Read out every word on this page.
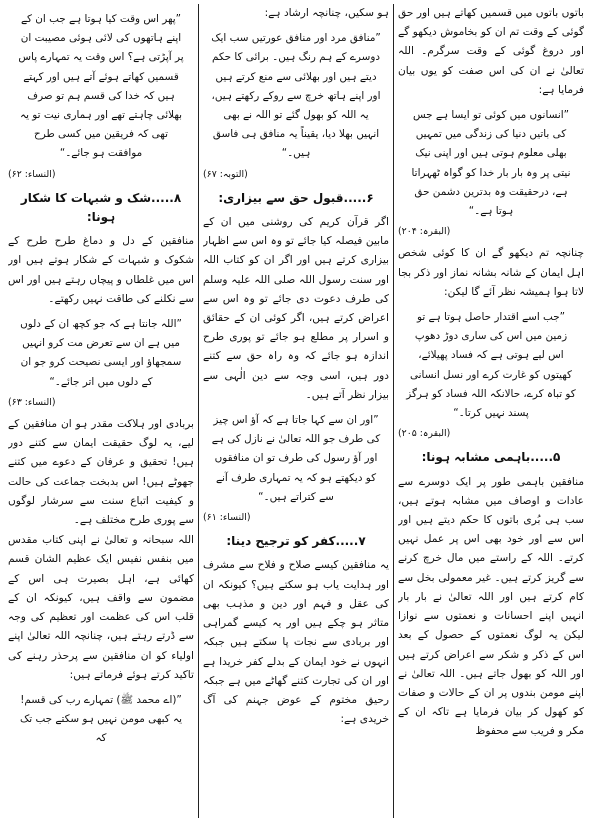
باتوں باتوں میں قسمیں کھاتے ہیں اور حق گوئی کے وقت تم ان کو بخاموش دیکھو گے اور دروغ گوئی کے وقت سرگرم۔ اللہ تعالیٰ نے ان کی اس صفت کو یوں بیان فرمایا ہے:
”انسانوں میں کوئی تو ایسا ہے جس کی باتیں دنیا کی زندگی میں تمہیں بھلی معلوم ہوتی ہیں اور اپنی نیک نیتی پر وہ بار بار خدا کو گواہ ٹھہراتا ہے، درحقیقت وہ بدترین دشمن حق ہوتا ہے۔“
(البقرہ: ۲۰۴)
چنانچہ تم دیکھو گے ان کا کوئی شخص اہل ایمان کے شانہ بشانہ نماز اور ذکر بجا لاتا ہوا ہمیشہ نظر آئے گا لیکن:
”جب اسے اقتدار حاصل ہوتا ہے تو زمین میں اس کی ساری دوڑ دھوپ اس لیے ہوتی ہے کہ فساد پھیلائے، کھیتوں کو غارت کرے اور نسل انسانی کو تباہ کرے، حالانکہ اللہ فساد کو ہرگز پسند نہیں کرتا۔“
(البقرہ: ۲۰۵)
۵.....باہمی مشابہ ہونا:
منافقین باہمی طور پر ایک دوسرے سے عادات و اوصاف میں مشابہ ہوتے ہیں، سب ہی بُری باتوں کا حکم دیتے ہیں اور اس سے اور خود بھی اس پر عمل نہیں کرتے۔ اللہ کے راستے میں مال خرچ کرنے سے گریز کرتے ہیں۔ غیر معمولی بخل سے کام کرتے ہیں اور اللہ تعالیٰ نے بار بار انہیں اپنے احسانات و نعمتوں سے نوازا لیکن یہ لوگ نعمتوں کے حصول کے بعد اس کے ذکر و شکر سے اعراض کرتے ہیں اور اللہ کو بھول جاتے ہیں۔ اللہ تعالیٰ نے اپنے مومن بندوں پر ان کے حالات و صفات کو کھول کر بیان فرمایا ہے تاکہ ان کے مکر و فریب سے محفوظ
ہو سکیں، چنانچہ ارشاد ہے:
”منافق مرد اور منافق عورتیں سب ایک دوسرے کے ہم رنگ ہیں۔ برائی کا حکم دیتے ہیں اور بھلائی سے منع کرتے ہیں اور اپنے ہاتھ خرچ سے روکے رکھتے ہیں، یہ اللہ کو بھول گئے تو اللہ نے بھی انہیں بھلا دیا، یقیناً یہ منافق ہی فاسق ہیں۔“
(التوبہ: ۶۷)
۶.....قبول حق سے بیزاری:
اگر قرآن کریم کی روشنی میں ان کے مابین فیصلہ کیا جائے تو وہ اس سے اظہار بیزاری کرتے ہیں اور اگر ان کو کتاب اللہ اور سنت رسول اللہ صلی اللہ علیہ وسلم کی طرف دعوت دی جائے تو وہ اس سے اعراض کرتے ہیں، اگر کوئی ان کے حقائق و اسرار پر مطلع ہو جائے تو پوری طرح اندازہ ہو جائے کہ وہ راہ حق سے کتنے دور ہیں، اسی وجہ سے دین الٰہی سے بیزار نظر آتے ہیں۔
”اور ان سے کہا جاتا ہے کہ آؤ اس چیز کی طرف جو اللہ تعالیٰ نے نازل کی ہے اور آؤ رسول کی طرف تو ان منافقوں کو دیکھتے ہو کہ یہ تمہاری طرف آنے سے کتراتے ہیں۔“
(النساء: ۶۱)
۷.....کفر کو ترجیح دینا:
یہ منافقین کیسے صلاح و فلاح سے مشرف اور ہدایت یاب ہو سکتے ہیں؟ کیونکہ ان کی عقل و فہم اور دین و مذہب بھی متاثر ہو چکے ہیں اور یہ کیسے گمراہی اور بربادی سے نجات پا سکتے ہیں جبکہ انہوں نے خود ایمان کے بدلے کفر خریدا ہے اور ان کی تجارت کتنے گھاٹے میں ہے جبکہ رحیق مختوم کے عوض جہنم کی آگ خریدی ہے:
”پھر اس وقت کیا ہوتا ہے جب ان کے اپنے ہاتھوں کی لائی ہوئی مصیبت ان پر آپڑتی ہے؟ اس وقت یہ تمہارے پاس قسمیں کھاتے ہوئے آتے ہیں اور کہتے ہیں کہ خدا کی قسم ہم تو صرف بھلائی چاہتے تھے اور ہماری نیت تو یہ تھی کہ فریقین میں کسی طرح موافقت ہو جائے۔“
(النساء: ۶۲)
۸.....شک و شبہات کا شکار ہونا:
منافقین کے دل و دماغ طرح طرح کے شکوک و شبہات کے شکار ہوتے ہیں اور اس میں غلطاں و پیچاں رہتے ہیں اور اس سے نکلنے کی طاقت نہیں رکھتے۔
”اللہ جانتا ہے کہ جو کچھ ان کے دلوں میں ہے ان سے تعرض مت کرو انہیں سمجھاؤ اور ایسی نصیحت کرو جو ان کے دلوں میں اتر جائے۔“
(النساء: ۶۳)
بربادی اور ہلاکت مقدر ہو ان منافقین کے لیے، یہ لوگ حقیقت ایمان سے کتنے دور ہیں! تحقیق و عرفان کے دعوے میں کتنے جھوٹے ہیں! اس بدبخت جماعت کی حالت و کیفیت اتباع سنت سے سرشار لوگوں سے پوری طرح مختلف ہے۔
اللہ سبحانہ و تعالیٰ نے اپنی کتاب مقدس میں بنفس نفیس ایک عظیم الشان قسم کھائی ہے، اہل بصیرت ہی اس کے مضمون سے واقف ہیں، کیونکہ ان کے قلب اس کی عظمت اور تعظیم کی وجہ سے ڈرتے رہتے ہیں، چنانچہ اللہ تعالیٰ اپنے اولیاء کو ان منافقین سے پرحذر رہنے کی تاکید کرتے ہوئے فرماتے ہیں:
”(اے محمد ﷺ) تمہارے رب کی قسم! یہ کبھی مومن نہیں ہو سکتے جب تک کہ
